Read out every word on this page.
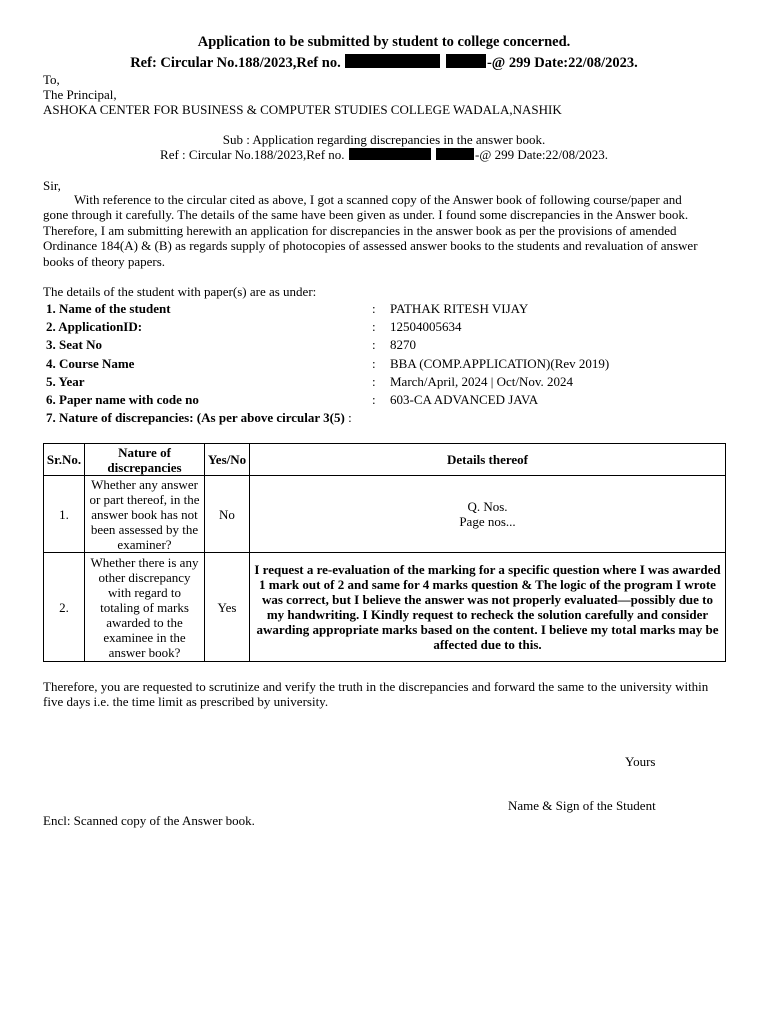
Application to be submitted by student to college concerned.
Ref: Circular No.188/2023,Ref no.	-@ 299 Date:22/08/2023.
To,
The Principal,
ASHOKA CENTER FOR BUSINESS & COMPUTER STUDIES COLLEGE WADALA,NASHIK
Sub : Application regarding discrepancies in the answer book.
Ref : Circular No.188/2023,Ref no.	-@ 299 Date:22/08/2023.
Sir,
With reference to the circular cited as above, I got a scanned copy of the Answer book of following course/paper and gone through it carefully. The details of the same have been given as under. I found some discrepancies in the Answer book. Therefore, I am submitting herewith an application for discrepancies in the answer book as per the provisions of amended Ordinance 184(A) & (B) as regards supply of photocopies of assessed answer books to the students and revaluation of answer books of theory papers.
The details of the student with paper(s) are as under:
1. Name of the student	: PATHAK RITESH VIJAY
2. ApplicationID:	: 12504005634
3. Seat No	: 8270
4. Course Name	: BBA (COMP.APPLICATION)(Rev 2019)
5. Year	: March/April, 2024 | Oct/Nov. 2024
6. Paper name with code no	: 603-CA ADVANCED JAVA
7. Nature of discrepancies: (As per above circular 3(5) :
Sr.No.	Nature of discrepancies	Yes/No	Details thereof
1.	Whether any answer or part thereof, in the answer book has not been assessed by the examiner?	No	Q. Nos.
Page nos...

2.	Whether there is any other discrepancy with regard to totaling of marks awarded to the examinee in the answer book?	Yes	I request a re-evaluation of the marking for a specific question where I was awarded 1 mark out of 2 and same for 4 marks question & The logic of the program I wrote was correct, but I believe the answer was not properly evaluated—possibly due to my handwriting. I Kindly request to recheck the solution carefully and consider awarding appropriate marks based on the content. I believe my total marks may be affected due to this.
Therefore, you are requested to scrutinize and verify the truth in the discrepancies and forward the same to the university within five days i.e. the time limit as prescribed by university.
Yours
Name & Sign of the Student
Encl: Scanned copy of the Answer book.
